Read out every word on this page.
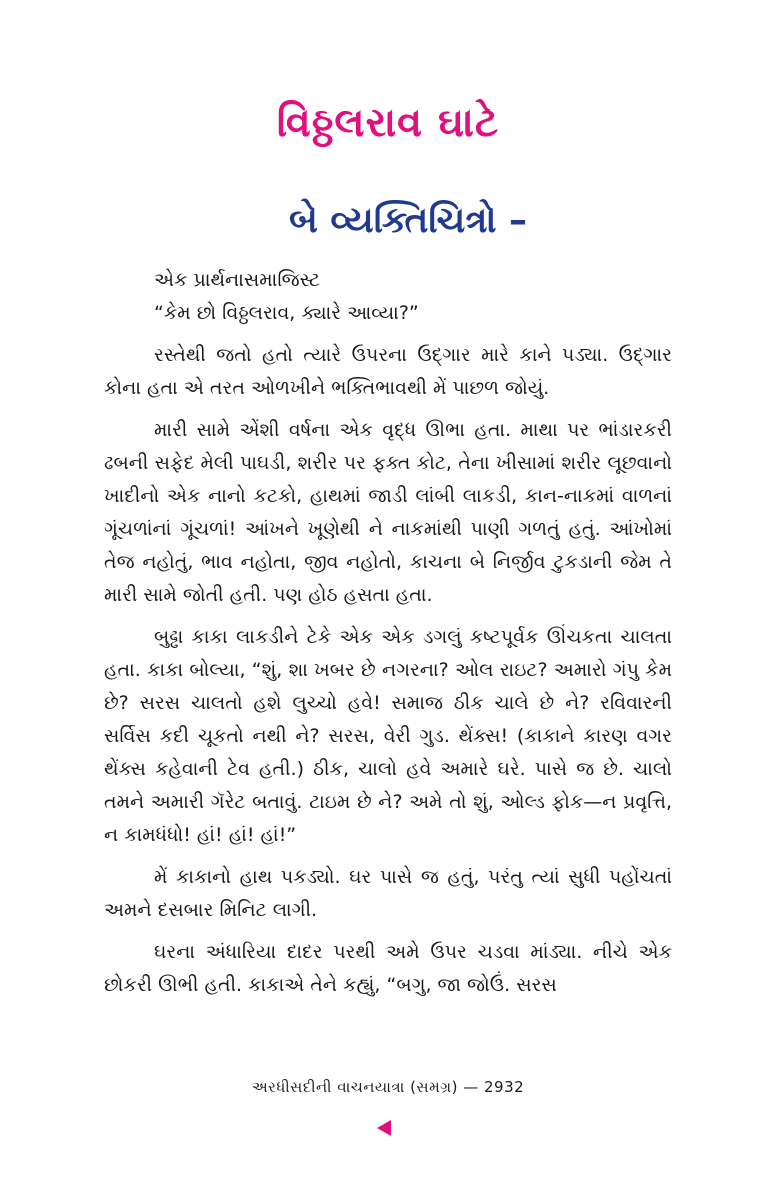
વિઠ્ઠલરાવ ઘાટે
બે વ્યક્તિચિત્રો –

એક પ્રાર્થનાસમાજિસ્ટ

“કેમ છો વિઠ્ઠલરાવ, ક્યારે આવ્યા?”

રસ્તેથી જતો હતો ત્યારે ઉપરના ઉદ્‌ગાર મારે કાને પડ્યા. ઉદ્‌ગાર કોના હતા એ તરત ઓળખીને ભક્તિભાવથી મેં પાછળ જોયું.

મારી સામે એંશી વર્ષના એક વૃદ્ધ ઊભા હતા. માથા પર ભાંડારકરી ઢબની સફેદ મેલી પાઘડી, શરીર પર ફક્ત કોટ, તેના ખીસામાં શરીર લૂછવાનો ખાદીનો એક નાનો કટકો, હાથમાં જાડી લાંબી લાકડી, કાન-નાકમાં વાળનાં ગૂંચળાંનાં ગૂંચળાં! આંખને ખૂણેથી ને નાકમાંથી પાણી ગળતું હતું. આંખોમાં તેજ નહોતું, ભાવ નહોતા, જીવ નહોતો, કાચના બે નિર્જીવ ટુકડાની જેમ તે મારી સામે જોતી હતી. પણ હોઠ હસતા હતા.

બુઢ્ઢા કાકા લાકડીને ટેકે એક એક ડગલું કષ્ટપૂર્વક ઊંચકતા ચાલતા હતા. કાકા બોલ્યા, “શું, શા ખબર છે નગરના? ઓલ રાઇટ? અમારો ગંપુ કેમ છે? સરસ ચાલતો હશે લુચ્ચો હવે! સમાજ ઠીક ચાલે છે ને? રવિવારની સર્વિસ કદી ચૂકતો નથી ને? સરસ, વેરી ગુડ. થેંક્સ! (કાકાને કારણ વગર થેંક્સ કહેવાની ટેવ હતી.) ઠીક, ચાલો હવે અમારે ઘરે. પાસે જ છે. ચાલો તમને અમારી ગૅરેટ બતાવું. ટાઇમ છે ને? અમે તો શું, ઓલ્ડ ફોક—ન પ્રવૃત્તિ, ન કામધંધો! હાં! હાં! હાં!”

મેં કાકાનો હાથ પકડ્યો. ઘર પાસે જ હતું, પરંતુ ત્યાં સુધી પહોંચતાં અમને દસબાર મિનિટ લાગી.

ઘરના અંધારિયા દાદર પરથી અમે ઉપર ચડવા માંડ્યા. નીચે એક છોકરી ઊભી હતી. કાકાએ તેને કહ્યું, “બગુ, જા જોઉં. સરસ

અરધીસદીની વાચનયાત્રા (સમગ્ર) — 2932
